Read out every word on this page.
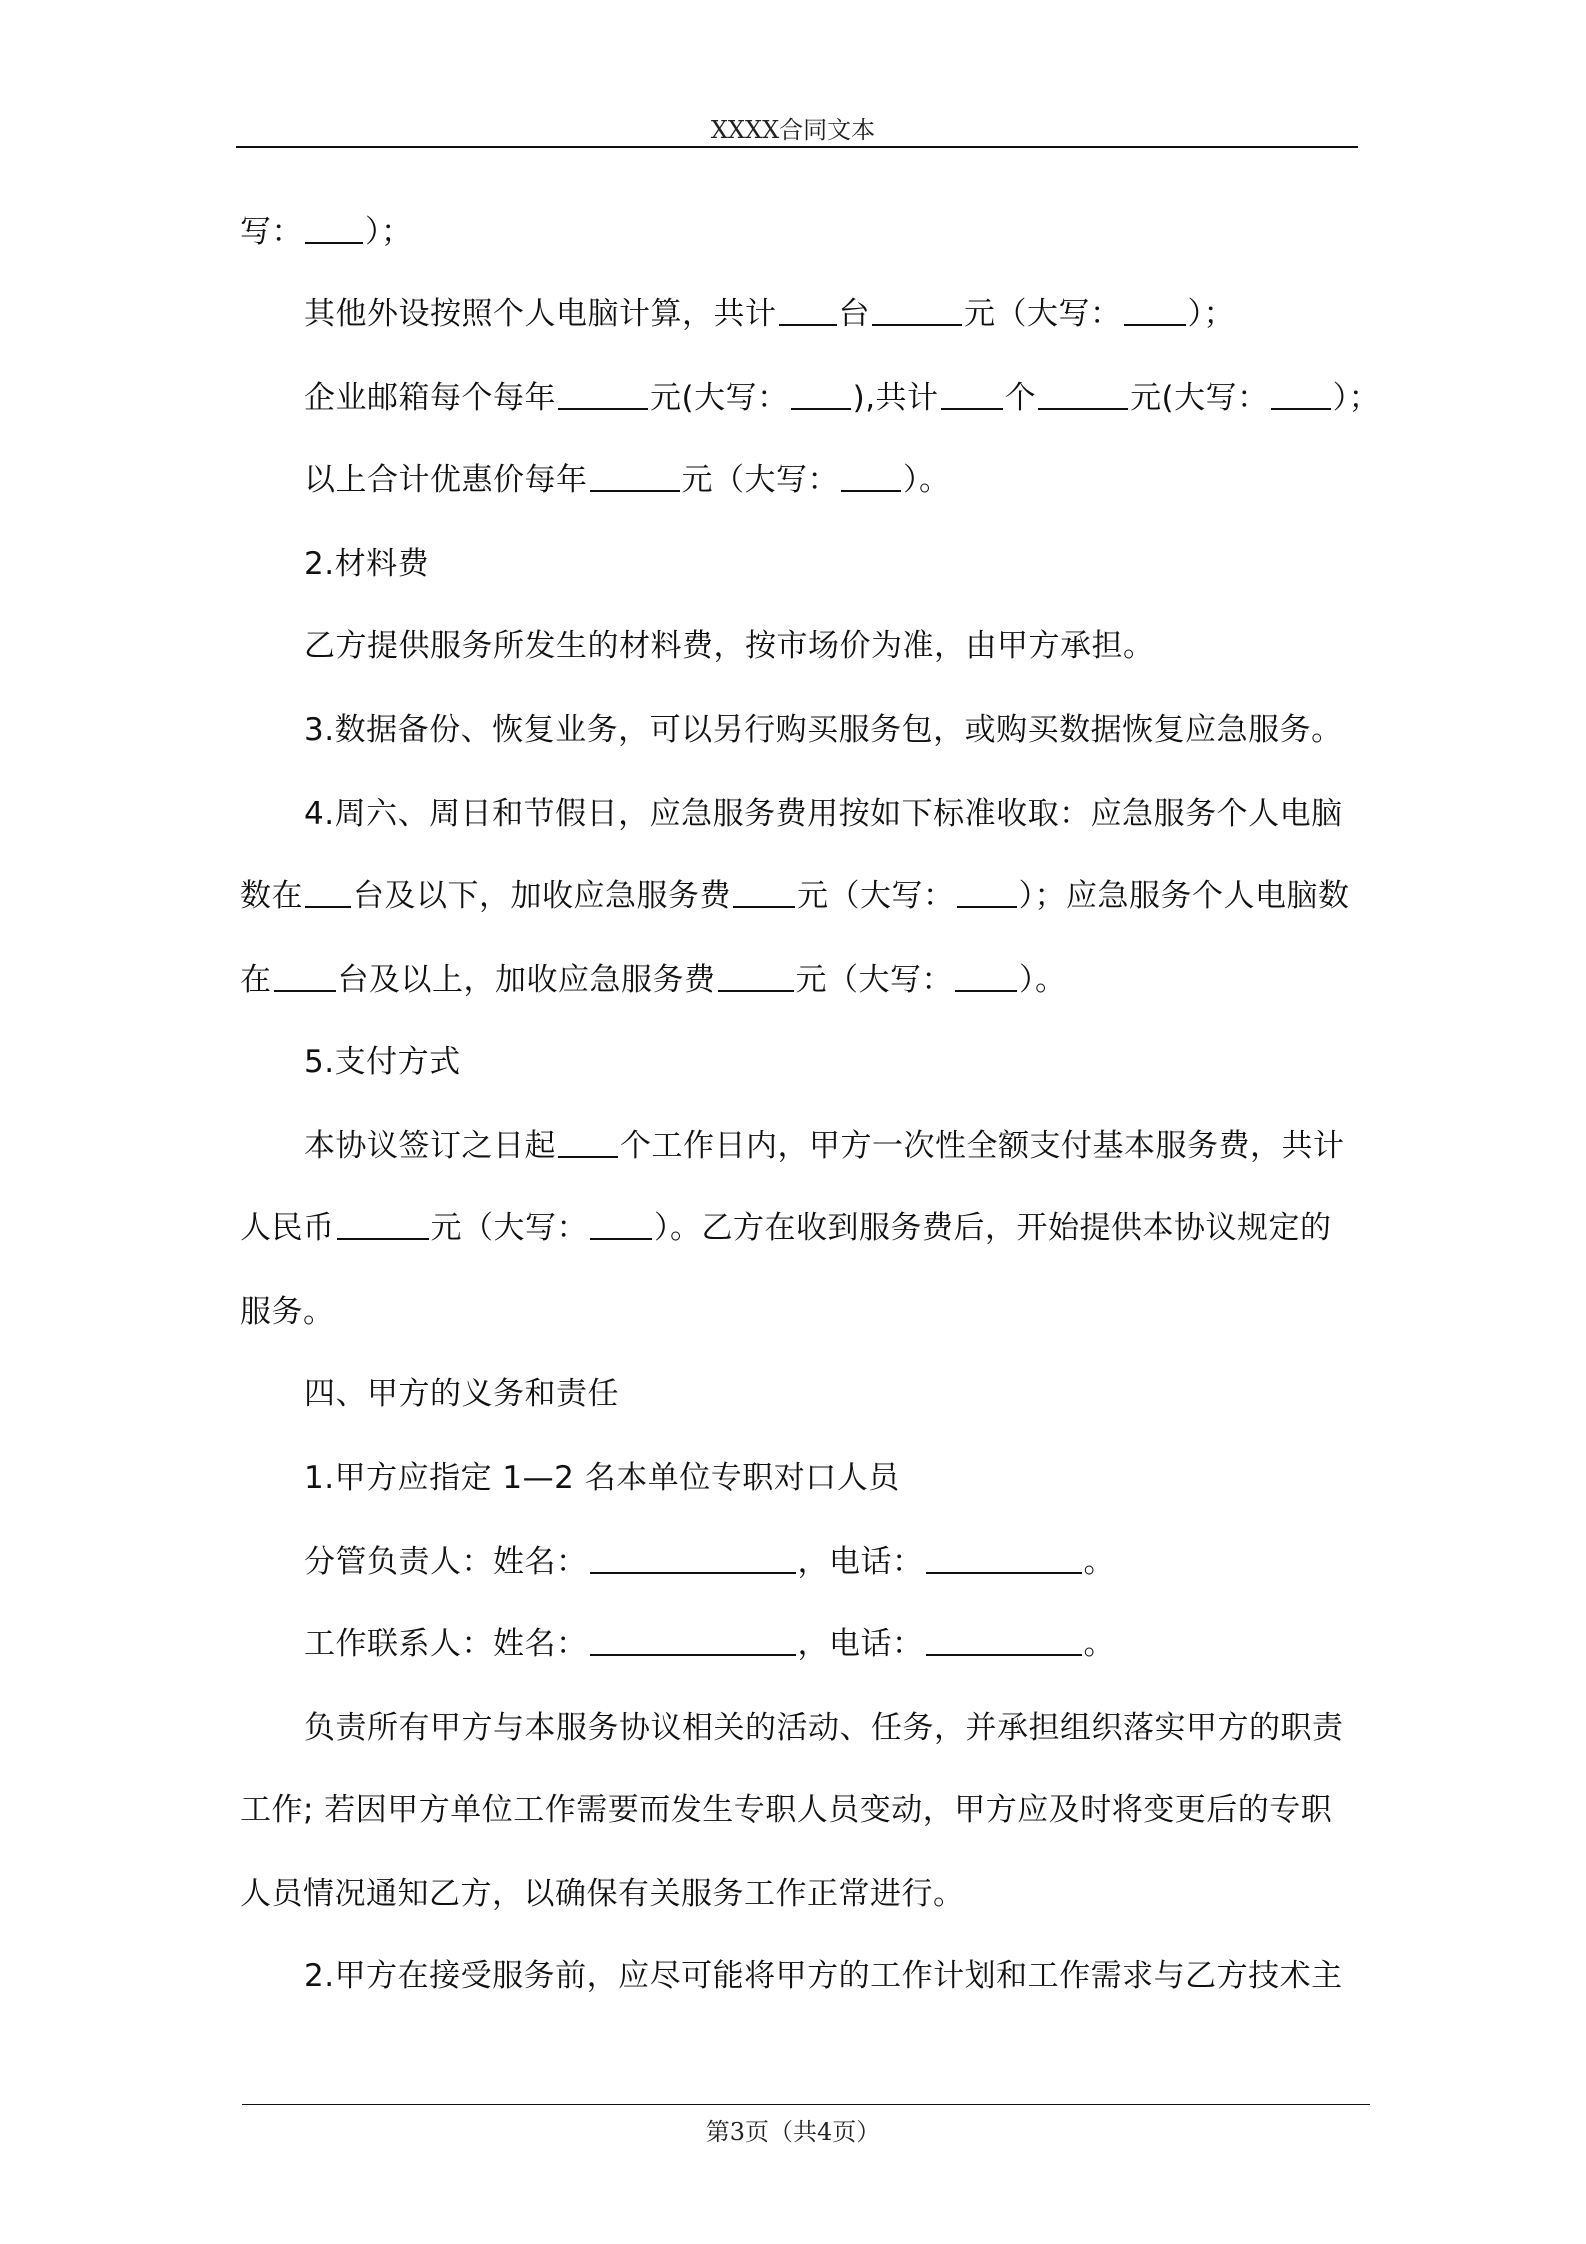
XXXX合同文本
写： ）；
其他外设按照个人电脑计算，共计 台	元（大写： ）；
企业邮箱每个每年	元(大写： ),共计 个	元(大写： ）；
以上合计优惠价每年	元（大写： ）。
2.材料费
乙方提供服务所发生的材料费，按市场价为准，由甲方承担。
3.数据备份、恢复业务，可以另行购买服务包，或购买数据恢复应急服务。
4.周六、周日和节假日，应急服务费用按如下标准收取：应急服务个人电脑
数在 台及以下，加收应急服务费 元（大写： ）；应急服务个人电脑数
在 台及以上，加收应急服务费	元（大写： ）。
5.支付方式
本协议签订之日起 个工作日内，甲方一次性全额支付基本服务费，共计
人民币	元（大写： ）。乙方在收到服务费后，开始提供本协议规定的
服务。
四、甲方的义务和责任
1.甲方应指定 1—2 名本单位专职对口人员
分管负责人：姓名：	，电话：	。
工作联系人：姓名：	，电话：	。
负责所有甲方与本服务协议相关的活动、任务，并承担组织落实甲方的职责
工作; 若因甲方单位工作需要而发生专职人员变动，甲方应及时将变更后的专职
人员情况通知乙方，以确保有关服务工作正常进行。
2.甲方在接受服务前，应尽可能将甲方的工作计划和工作需求与乙方技术主
第3页（共4页）
